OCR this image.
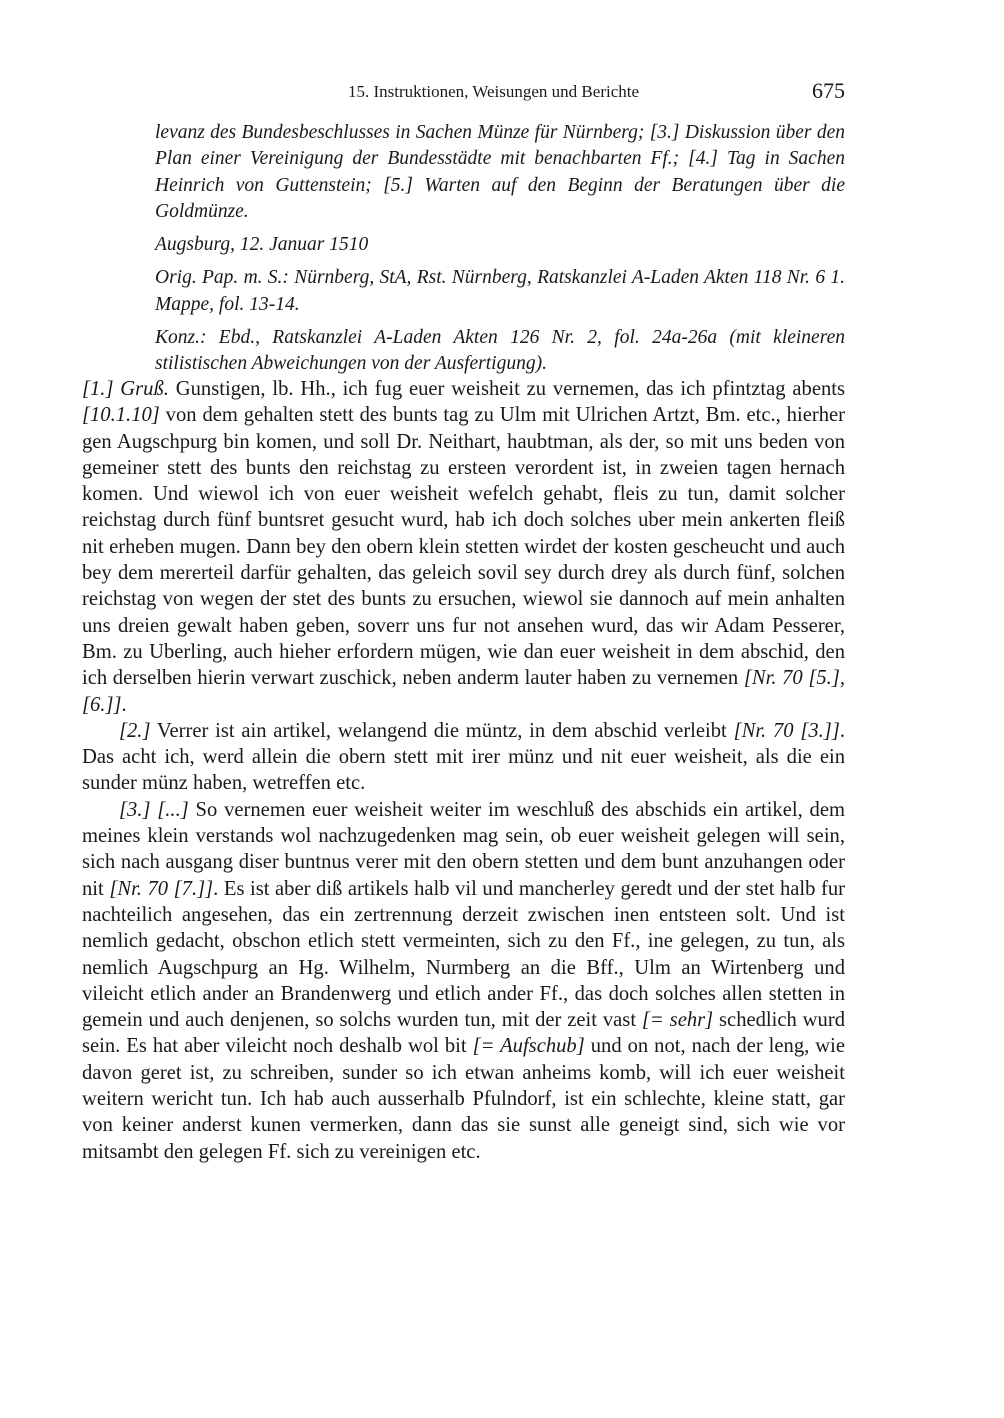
15. Instruktionen, Weisungen und Berichte	675

levanz des Bundesbeschlusses in Sachen Münze für Nürnberg; [3.] Diskussion über den Plan einer Vereinigung der Bundesstädte mit benachbarten Ff.; [4.] Tag in Sachen Heinrich von Guttenstein; [5.] Warten auf den Beginn der Beratungen über die Goldmünze.

Augsburg, 12. Januar 1510

Orig. Pap. m. S.: Nürnberg, StA, Rst. Nürnberg, Ratskanzlei A-Laden Akten 118 Nr. 6 1. Mappe, fol. 13-14.

Konz.: Ebd., Ratskanzlei A-Laden Akten 126 Nr. 2, fol. 24a-26a (mit kleineren stilistischen Abweichungen von der Ausfertigung).

[1.] Gruß. Gunstigen, lb. Hh., ich fug euer weisheit zu vernemen, das ich pfintztag abents [10.1.10] von dem gehalten stett des bunts tag zu Ulm mit Ulrichen Artzt, Bm. etc., hierher gen Augschpurg bin komen, und soll Dr. Neithart, haubtman, als der, so mit uns beden von gemeiner stett des bunts den reichstag zu ersteen verordent ist, in zweien tagen hernach komen. Und wiewol ich von euer weisheit wefelch gehabt, fleis zu tun, damit solcher reichstag durch fünf buntsret gesucht wurd, hab ich doch solches uber mein ankerten fleiß nit erheben mugen. Dann bey den obern klein stetten wirdet der kosten gescheucht und auch bey dem mererteil darfür gehalten, das geleich sovil sey durch drey als durch fünf, solchen reichstag von wegen der stet des bunts zu ersuchen, wiewol sie dannoch auf mein anhalten uns dreien gewalt haben geben, soverr uns fur not ansehen wurd, das wir Adam Pesserer, Bm. zu Uberling, auch hieher erfordern mügen, wie dan euer weisheit in dem abschid, den ich derselben hierin verwart zuschick, neben anderm lauter haben zu vernemen [Nr. 70 [5.], [6.]].

[2.] Verrer ist ain artikel, welangend die müntz, in dem abschid verleibt [Nr. 70 [3.]]. Das acht ich, werd allein die obern stett mit irer münz und nit euer weisheit, als die ein sunder münz haben, wetreffen etc.

[3.] [...] So vernemen euer weisheit weiter im weschluß des abschids ein artikel, dem meines klein verstands wol nachzugedenken mag sein, ob euer weisheit gelegen will sein, sich nach ausgang diser buntnus verer mit den obern stetten und dem bunt anzuhangen oder nit [Nr. 70 [7.]]. Es ist aber diß artikels halb vil und mancherley geredt und der stet halb fur nachteilich angesehen, das ein zertrennung derzeit zwischen inen entsteen solt. Und ist nemlich gedacht, obschon etlich stett vermeinten, sich zu den Ff., ine gelegen, zu tun, als nemlich Augschpurg an Hg. Wilhelm, Nurmberg an die Bff., Ulm an Wirtenberg und vileicht etlich ander an Brandenwerg und etlich ander Ff., das doch solches allen stetten in gemein und auch denjenen, so solchs wurden tun, mit der zeit vast [= sehr] schedlich wurd sein. Es hat aber vileicht noch deshalb wol bit [= Aufschub] und on not, nach der leng, wie davon geret ist, zu schreiben, sunder so ich etwan anheims komb, will ich euer weisheit weitern wericht tun. Ich hab auch ausserhalb Pfulndorf, ist ein schlechte, kleine statt, gar von keiner anderst kunen vermerken, dann das sie sunst alle geneigt sind, sich wie vor mitsambt den gelegen Ff. sich zu vereinigen etc.
